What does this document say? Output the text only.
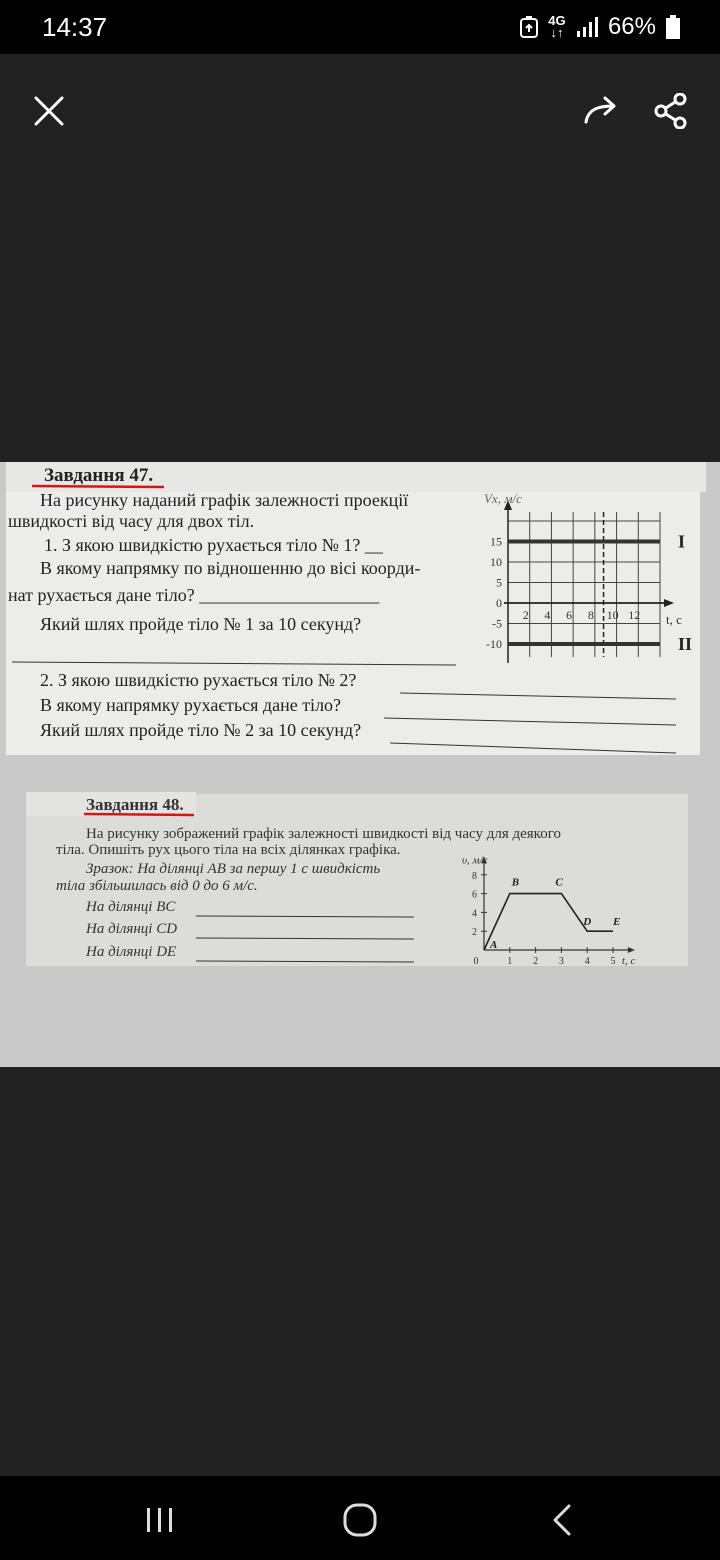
14:37	4G
↓↑ 66%
Завдання 47.
На рисунку наданий графік залежності проекції
швидкості від часу для двох тіл.
1. З якою швидкістю рухається тіло № 1? __
В якому напрямку по відношенню до вісі коорди-
нат рухається дане тіло? ____________________
Який шлях пройде тіло № 1 за 10 секунд?
2. З якою швидкістю рухається тіло № 2?
В якому напрямку рухається дане тіло?
Який шлях пройде тіло № 2 за 10 секунд?
Vx, м/с
t, c
15
10
5
0
-5
-10
2 4 6 8 10 12
I
II
Завдання 48.
На рисунку зображений графік залежності швидкості від часу для деякого
тіла. Опишіть рух цього тіла на всіх ділянках графіка.
Зразок: На ділянці AB за першу 1 с швидкість
тіла збільшилась від 0 до 6 м/с.
На ділянці BC
На ділянці CD
На ділянці DE
υ, м/с
t, c
2
4
6
8
0	1 2 3 4 5
A
B	C
D E
